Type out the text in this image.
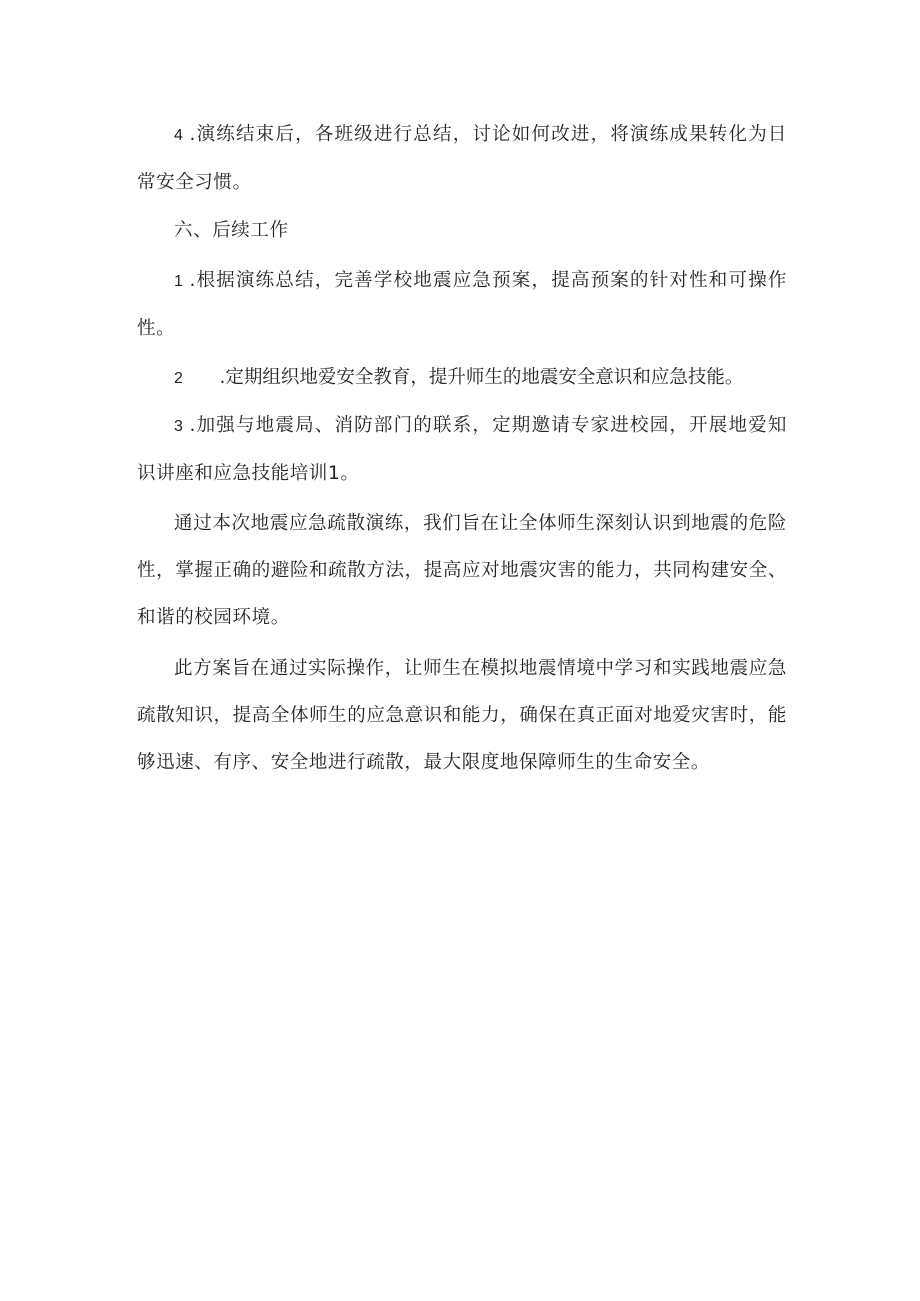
4 .演练结束后，各班级进行总结，讨论如何改进，将演练成果转化为日常安全习惯。

六、后续工作

1 .根据演练总结，完善学校地震应急预案，提高预案的针对性和可操作性。

2 .定期组织地爱安全教育，提升师生的地震安全意识和应急技能。

3 .加强与地震局、消防部门的联系，定期邀请专家进校园，开展地爱知识讲座和应急技能培训1。

通过本次地震应急疏散演练，我们旨在让全体师生深刻认识到地震的危险性，掌握正确的避险和疏散方法，提高应对地震灾害的能力，共同构建安全、和谐的校园环境。

此方案旨在通过实际操作，让师生在模拟地震情境中学习和实践地震应急疏散知识，提高全体师生的应急意识和能力，确保在真正面对地爱灾害时，能够迅速、有序、安全地进行疏散，最大限度地保障师生的生命安全。
